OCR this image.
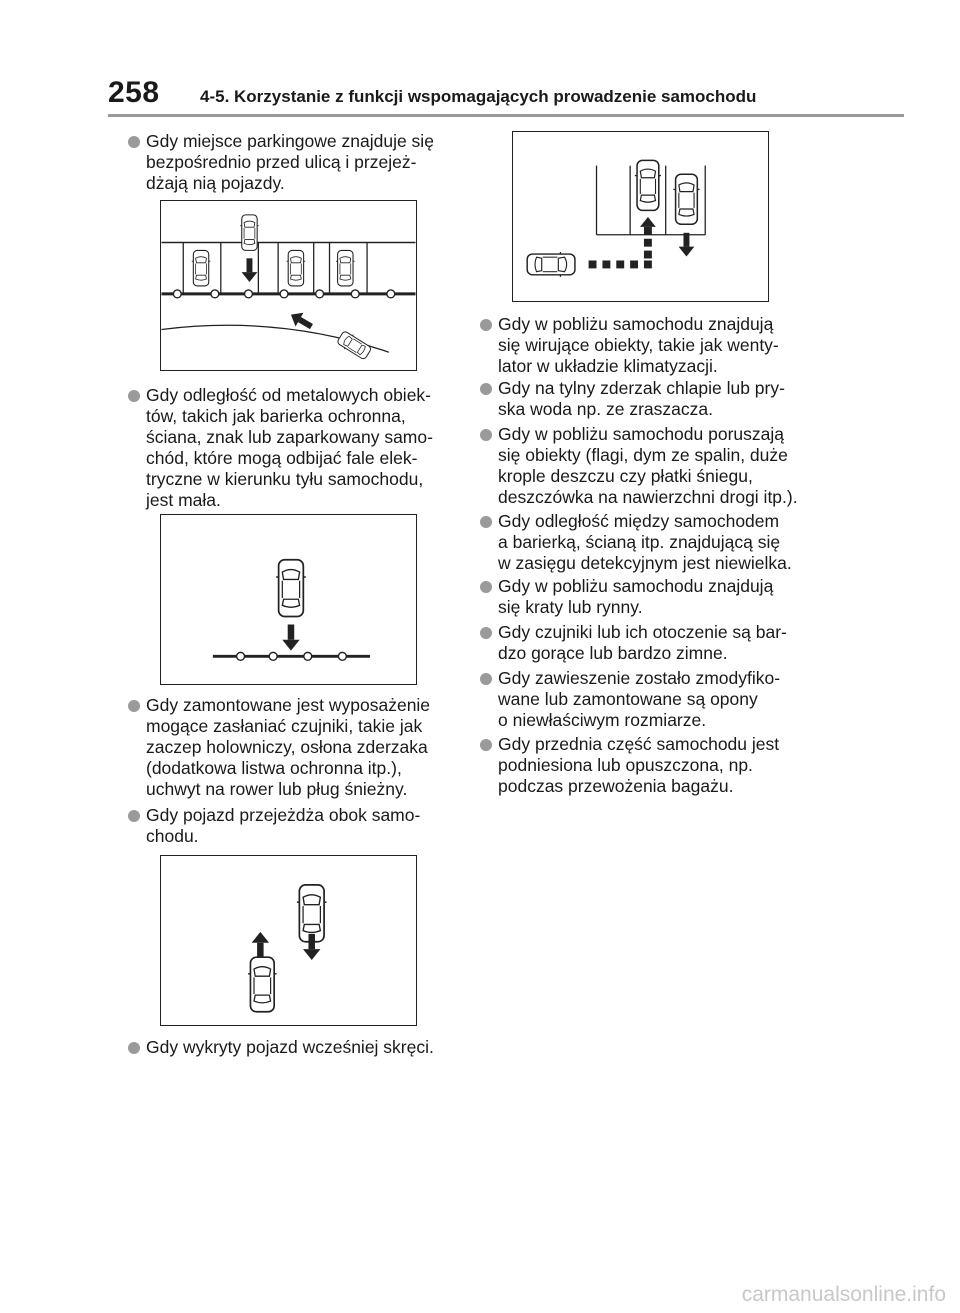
258 4-5. Korzystanie z funkcji wspomagających prowadzenie samochodu
Gdy miejsce parkingowe znajduje się
bezpośrednio przed ulicą i przejeż-
dżają nią pojazdy.
Gdy odległość od metalowych obiek-
tów, takich jak barierka ochronna,
ściana, znak lub zaparkowany samo-
chód, które mogą odbijać fale elek-
tryczne w kierunku tyłu samochodu,
jest mała.
Gdy zamontowane jest wyposażenie
mogące zasłaniać czujniki, takie jak
zaczep holowniczy, osłona zderzaka
(dodatkowa listwa ochronna itp.),
uchwyt na rower lub pług śnieżny.
Gdy pojazd przejeżdża obok samo-
chodu.
Gdy wykryty pojazd wcześniej skręci.
Gdy w pobliżu samochodu znajdują
się wirujące obiekty, takie jak wenty-
lator w układzie klimatyzacji.
Gdy na tylny zderzak chlapie lub pry-
ska woda np. ze zraszacza.
Gdy w pobliżu samochodu poruszają
się obiekty (flagi, dym ze spalin, duże
krople deszczu czy płatki śniegu,
deszczówka na nawierzchni drogi itp.).
Gdy odległość między samochodem
a barierką, ścianą itp. znajdującą się
w zasięgu detekcyjnym jest niewielka.
Gdy w pobliżu samochodu znajdują
się kraty lub rynny.
Gdy czujniki lub ich otoczenie są bar-
dzo gorące lub bardzo zimne.
Gdy zawieszenie zostało zmodyfiko-
wane lub zamontowane są opony
o niewłaściwym rozmiarze.
Gdy przednia część samochodu jest
podniesiona lub opuszczona, np.
podczas przewożenia bagażu.
carmanualsonline.info
